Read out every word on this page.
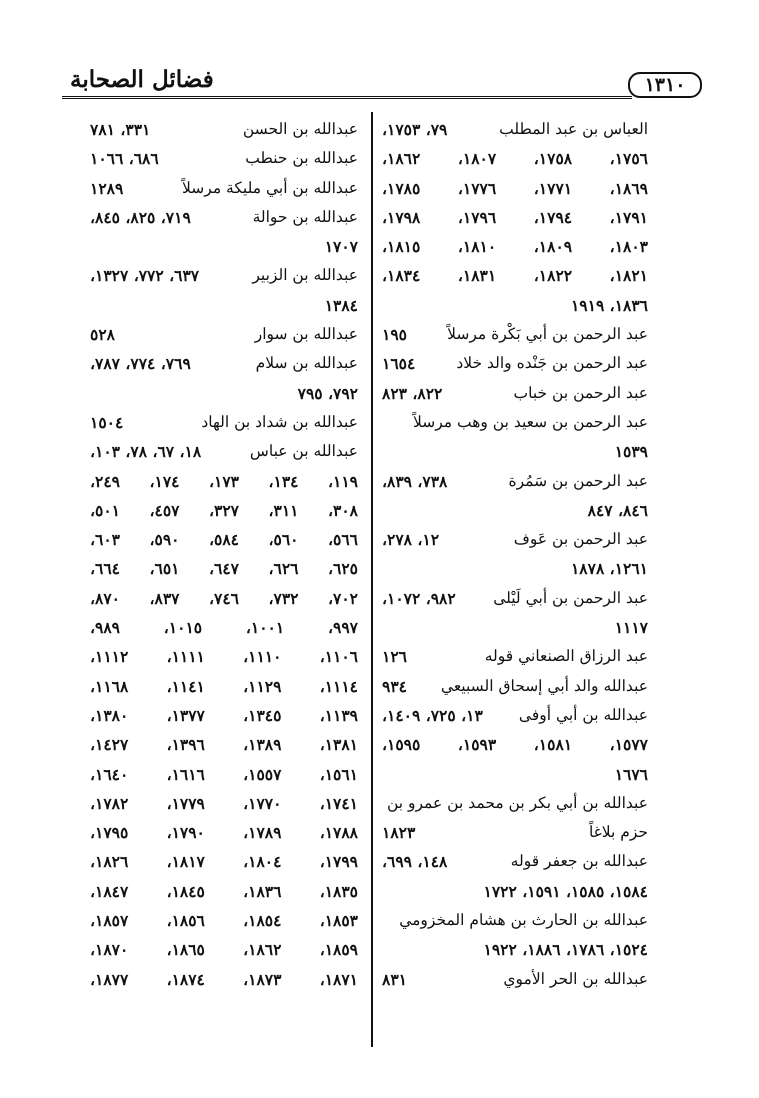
فضائل الصحابة	١٣١٠
العباس بن عبد المطلب
٧٩، ١٧٥٣،
١٧٥٦، ١٧٥٨، ١٨٠٧، ١٨٦٢،
١٨٦٩، ١٧٧١، ١٧٧٦، ١٧٨٥،
١٧٩١، ١٧٩٤، ١٧٩٦، ١٧٩٨،
١٨٠٣، ١٨٠٩، ١٨١٠، ١٨١٥،
١٨٢١، ١٨٢٢، ١٨٣١، ١٨٣٤،
١٨٣٦، ١٩١٩
عبد الرحمن بن أبي بَكْرة مرسلاً
١٩٥
عبد الرحمن بن جَنْده والد خلاد
١٦٥٤
عبد الرحمن بن خباب
٨٢٢، ٨٢٣
عبد الرحمن بن سعيد بن وهب مرسلاً
١٥٣٩
عبد الرحمن بن سَمُرة
٧٣٨، ٨٣٩،
٨٤٦، ٨٤٧
عبد الرحمن بن عَوف
١٢، ٢٧٨،
١٢٦١، ١٨٧٨
عبد الرحمن بن أبي لَيْلى
٩٨٢، ١٠٧٢،
١١١٧
عبد الرزاق الصنعاني قوله
١٢٦
عبدالله والد أبي إسحاق السبيعي
٩٣٤
عبدالله بن أبي أوفى
١٣، ٧٢٥، ١٤٠٩،
١٥٧٧، ١٥٨١، ١٥٩٣، ١٥٩٥،
١٦٧٦
عبدالله بن أبي بكر بن محمد بن عمرو بن
حزم بلاغاً
١٨٢٣
عبدالله بن جعفر قوله
١٤٨، ٦٩٩،
١٥٨٤، ١٥٨٥، ١٥٩١، ١٧٢٢
عبدالله بن الحارث بن هشام المخزومي
١٥٢٤، ١٧٨٦، ١٨٨٦، ١٩٢٢
عبدالله بن الحر الأموي
٨٣١
عبدالله بن الحسن
٣٣١، ٧٨١
عبدالله بن حنطب
٦٨٦، ١٠٦٦
عبدالله بن أبي مليكة مرسلاً
١٢٨٩
عبدالله بن حوالة
٧١٩، ٨٢٥، ٨٤٥،
١٧٠٧
عبدالله بن الزبير
٦٣٧، ٧٧٢، ١٣٢٧،
١٣٨٤
عبدالله بن سوار
٥٢٨
عبدالله بن سلام
٧٦٩، ٧٧٤، ٧٨٧،
٧٩٢، ٧٩٥
عبدالله بن شداد بن الهاد
١٥٠٤
عبدالله بن عباس
١٨، ٦٧، ٧٨، ١٠٣،
١١٩، ١٣٤، ١٧٣، ١٧٤، ٢٤٩،
٣٠٨، ٣١١، ٣٢٧، ٤٥٧، ٥٠١،
٥٦٦، ٥٦٠، ٥٨٤، ٥٩٠، ٦٠٣،
٦٢٥، ٦٢٦، ٦٤٧، ٦٥١، ٦٦٤،
٧٠٢، ٧٣٢، ٧٤٦، ٨٣٧، ٨٧٠،
٩٩٧، ١٠٠١، ١٠١٥، ٩٨٩،
١١٠٦، ١١١٠، ١١١١، ١١١٢،
١١١٤، ١١٢٩، ١١٤١، ١١٦٨،
١١٣٩، ١٣٤٥، ١٣٧٧، ١٣٨٠،
١٣٨١، ١٣٨٩، ١٣٩٦، ١٤٢٧،
١٥٦١، ١٥٥٧، ١٦١٦، ١٦٤٠،
١٧٤١، ١٧٧٠، ١٧٧٩، ١٧٨٢،
١٧٨٨، ١٧٨٩، ١٧٩٠، ١٧٩٥،
١٧٩٩، ١٨٠٤، ١٨١٧، ١٨٢٦،
١٨٣٥، ١٨٣٦، ١٨٤٥، ١٨٤٧،
١٨٥٣، ١٨٥٤، ١٨٥٦، ١٨٥٧،
١٨٥٩، ١٨٦٢، ١٨٦٥، ١٨٧٠،
١٨٧١، ١٨٧٣، ١٨٧٤، ١٨٧٧،
